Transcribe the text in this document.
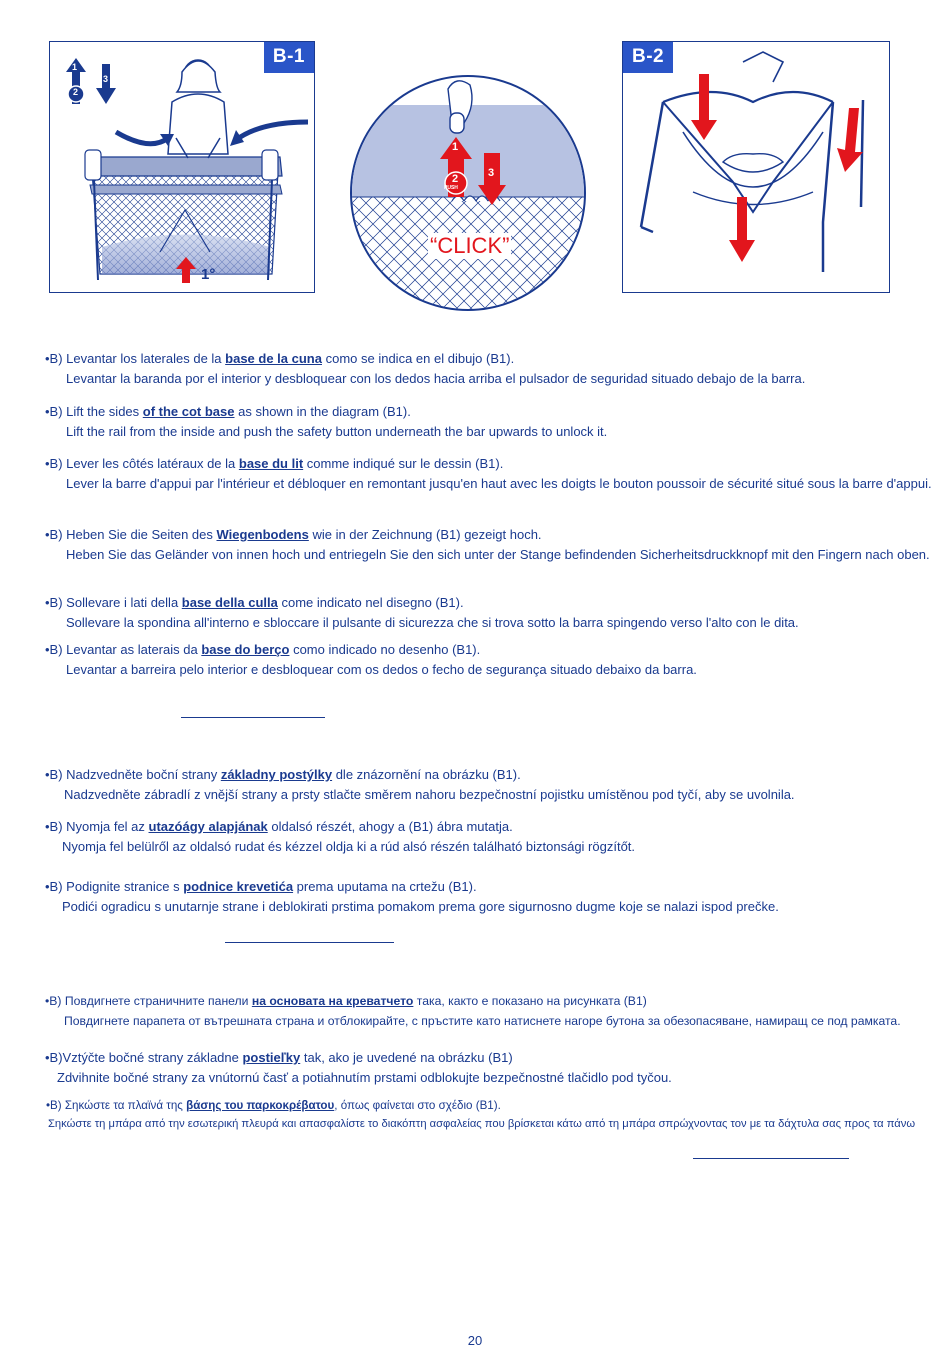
B-1
1
2
3
1°
1
2
PUSH
3
“CLICK”
B-2
•B) Levantar los laterales de la base de la cuna como se indica en el dibujo (B1).
Levantar la baranda por el interior y desbloquear con los dedos hacia arriba el pulsador de seguridad situado debajo de la barra.
•B) Lift the sides of the cot base as shown in the diagram (B1).
Lift the rail from the inside and push the safety button underneath the bar upwards to unlock it.
•B) Lever les côtés latéraux de la base du lit comme indiqué sur le dessin (B1).
Lever la barre d'appui par l'intérieur et débloquer en remontant jusqu'en haut avec les doigts le bouton poussoir de sécurité situé sous la barre d'appui.
•B) Heben Sie die Seiten des Wiegenbodens wie in der Zeichnung (B1) gezeigt hoch.
Heben Sie das Geländer von innen hoch und entriegeln Sie den sich unter der Stange befindenden Sicherheitsdruckknopf mit den Fingern nach oben.
•B) Sollevare i lati della base della culla come indicato nel disegno (B1).
Sollevare la spondina all'interno e sbloccare il pulsante di sicurezza che si trova sotto la barra spingendo verso l'alto con le dita.
•B) Levantar as laterais da base do berço como indicado no desenho (B1).
Levantar a barreira pelo interior e desbloquear com os dedos o fecho de segurança situado debaixo da barra.
•B) Nadzvedněte boční strany základny postýlky dle znázornění na obrázku (B1).
Nadzvedněte zábradlí z vnější strany a prsty stlačte směrem nahoru bezpečnostní pojistku umístěnou pod tyčí, aby se uvolnila.
•B) Nyomja fel az utazóágy alapjának oldalsó részét, ahogy a (B1) ábra mutatja.
Nyomja fel belülről az oldalsó rudat és kézzel oldja ki a rúd alsó részén található biztonsági rögzítőt.
•B) Podignite stranice s podnice krevetića prema uputama na crtežu (B1).
Podići ogradicu s unutarnje strane i deblokirati prstima pomakom prema gore sigurnosno dugme koje se nalazi ispod prečke.
•B) Повдигнете страничните панели на основата на креватчето така, както е показано на рисунката (B1)
Повдигнете парапета от вътрешната страна и отблокирайте, с пръстите като натиснете нагоре бутона за обезопасяване, намиращ се под рамката.
•B)Vztýčte bočné strany základne postieľky tak, ako je uvedené na obrázku (B1)
Zdvihnite bočné strany za vnútornú časť a potiahnutím prstami odblokujte bezpečnostné tlačidlo pod tyčou.
•B) Σηκώστε τα πλαϊνά της βάσης του παρκοκρέβατου, όπως φαίνεται στο σχέδιο (B1).
Σηκώστε τη μπάρα από την εσωτερική πλευρά και απασφαλίστε το διακόπτη ασφαλείας που βρίσκεται κάτω από τη μπάρα σπρώχνοντας τον με τα δάχτυλα σας προς τα πάνω
20
